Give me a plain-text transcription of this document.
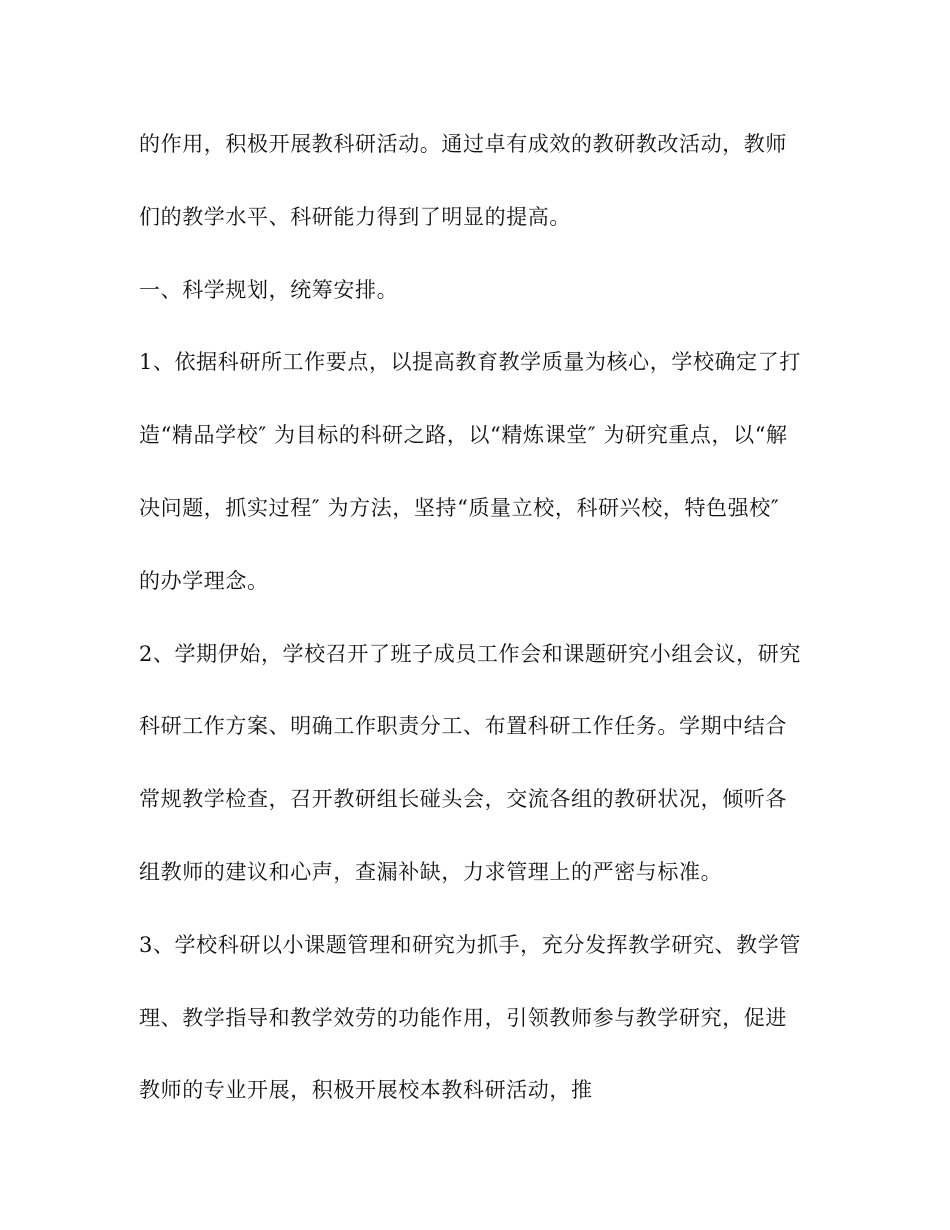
的作用，积极开展教科研活动。通过卓有成效的教研教改活动，教师
们的教学水平、科研能力得到了明显的提高。
一、科学规划，统筹安排。
1、依据科研所工作要点，以提高教育教学质量为核心，学校确定了打
造“精品学校″ 为目标的科研之路，以“精炼课堂″ 为研究重点，以“解
决问题，抓实过程″ 为方法，坚持“质量立校，科研兴校，特色强校″
的办学理念。
2、学期伊始，学校召开了班子成员工作会和课题研究小组会议，研究
科研工作方案、明确工作职责分工、布置科研工作任务。学期中结合
常规教学检查，召开教研组长碰头会，交流各组的教研状况，倾听各
组教师的建议和心声，查漏补缺，力求管理上的严密与标准。
3、学校科研以小课题管理和研究为抓手，充分发挥教学研究、教学管
理、教学指导和教学效劳的功能作用，引领教师参与教学研究，促进
教师的专业开展，积极开展校本教科研活动，推
